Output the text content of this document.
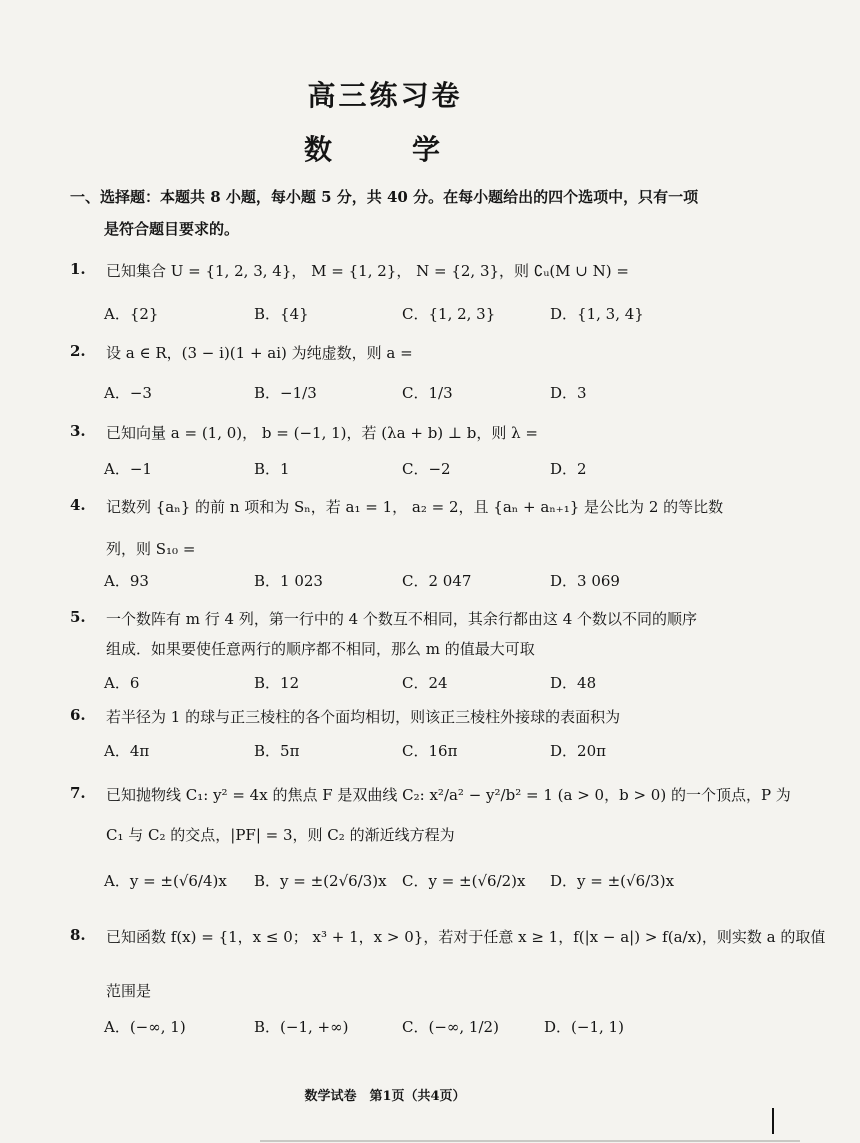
高三练习卷
数　学
一、选择题：本题共 8 小题，每小题 5 分，共 40 分。在每小题给出的四个选项中，只有一项
是符合题目要求的。
1. 已知集合 U = {1, 2, 3, 4}， M = {1, 2}， N = {2, 3}，则 ∁ᵤ(M ∪ N) =
A．{2}	B．{4}	C．{1, 2, 3}	D．{1, 3, 4}
2. 设 a ∈ R，(3 − i)(1 + ai) 为纯虚数，则 a =
A．−3	B．−1/3	C．1/3	D．3
3. 已知向量 a = (1, 0)， b = (−1, 1)，若 (λa + b) ⊥ b，则 λ =
A．−1	B．1	C．−2	D．2
4. 记数列 {aₙ} 的前 n 项和为 Sₙ，若 a₁ = 1， a₂ = 2，且 {aₙ + aₙ₊₁} 是公比为 2 的等比数
列，则 S₁₀ =
A．93	B．1 023	C．2 047	D．3 069
5. 一个数阵有 m 行 4 列，第一行中的 4 个数互不相同，其余行都由这 4 个数以不同的顺序
组成．如果要使任意两行的顺序都不相同，那么 m 的值最大可取
A．6	B．12	C．24	D．48
6. 若半径为 1 的球与正三棱柱的各个面均相切，则该正三棱柱外接球的表面积为
A．4π	B．5π	C．16π	D．20π
7. 已知抛物线 C₁: y² = 4x 的焦点 F 是双曲线 C₂: x²/a² − y²/b² = 1 (a > 0，b > 0) 的一个顶点，P 为
C₁ 与 C₂ 的交点，|PF| = 3，则 C₂ 的渐近线方程为
A．y = ±(√6/4)x B．y = ±(2√6/3)x C．y = ±(√6/2)x D．y = ±(√6/3)x
8. 已知函数 f(x) = {1，x ≤ 0； x³ + 1，x > 0}，若对于任意 x ≥ 1，f(|x − a|) > f(a/x)，则实数 a 的取值
范围是
A．(−∞, 1)	B．(−1, +∞)	C．(−∞, 1/2)	D．(−1, 1)
数学试卷　第1页（共4页）
